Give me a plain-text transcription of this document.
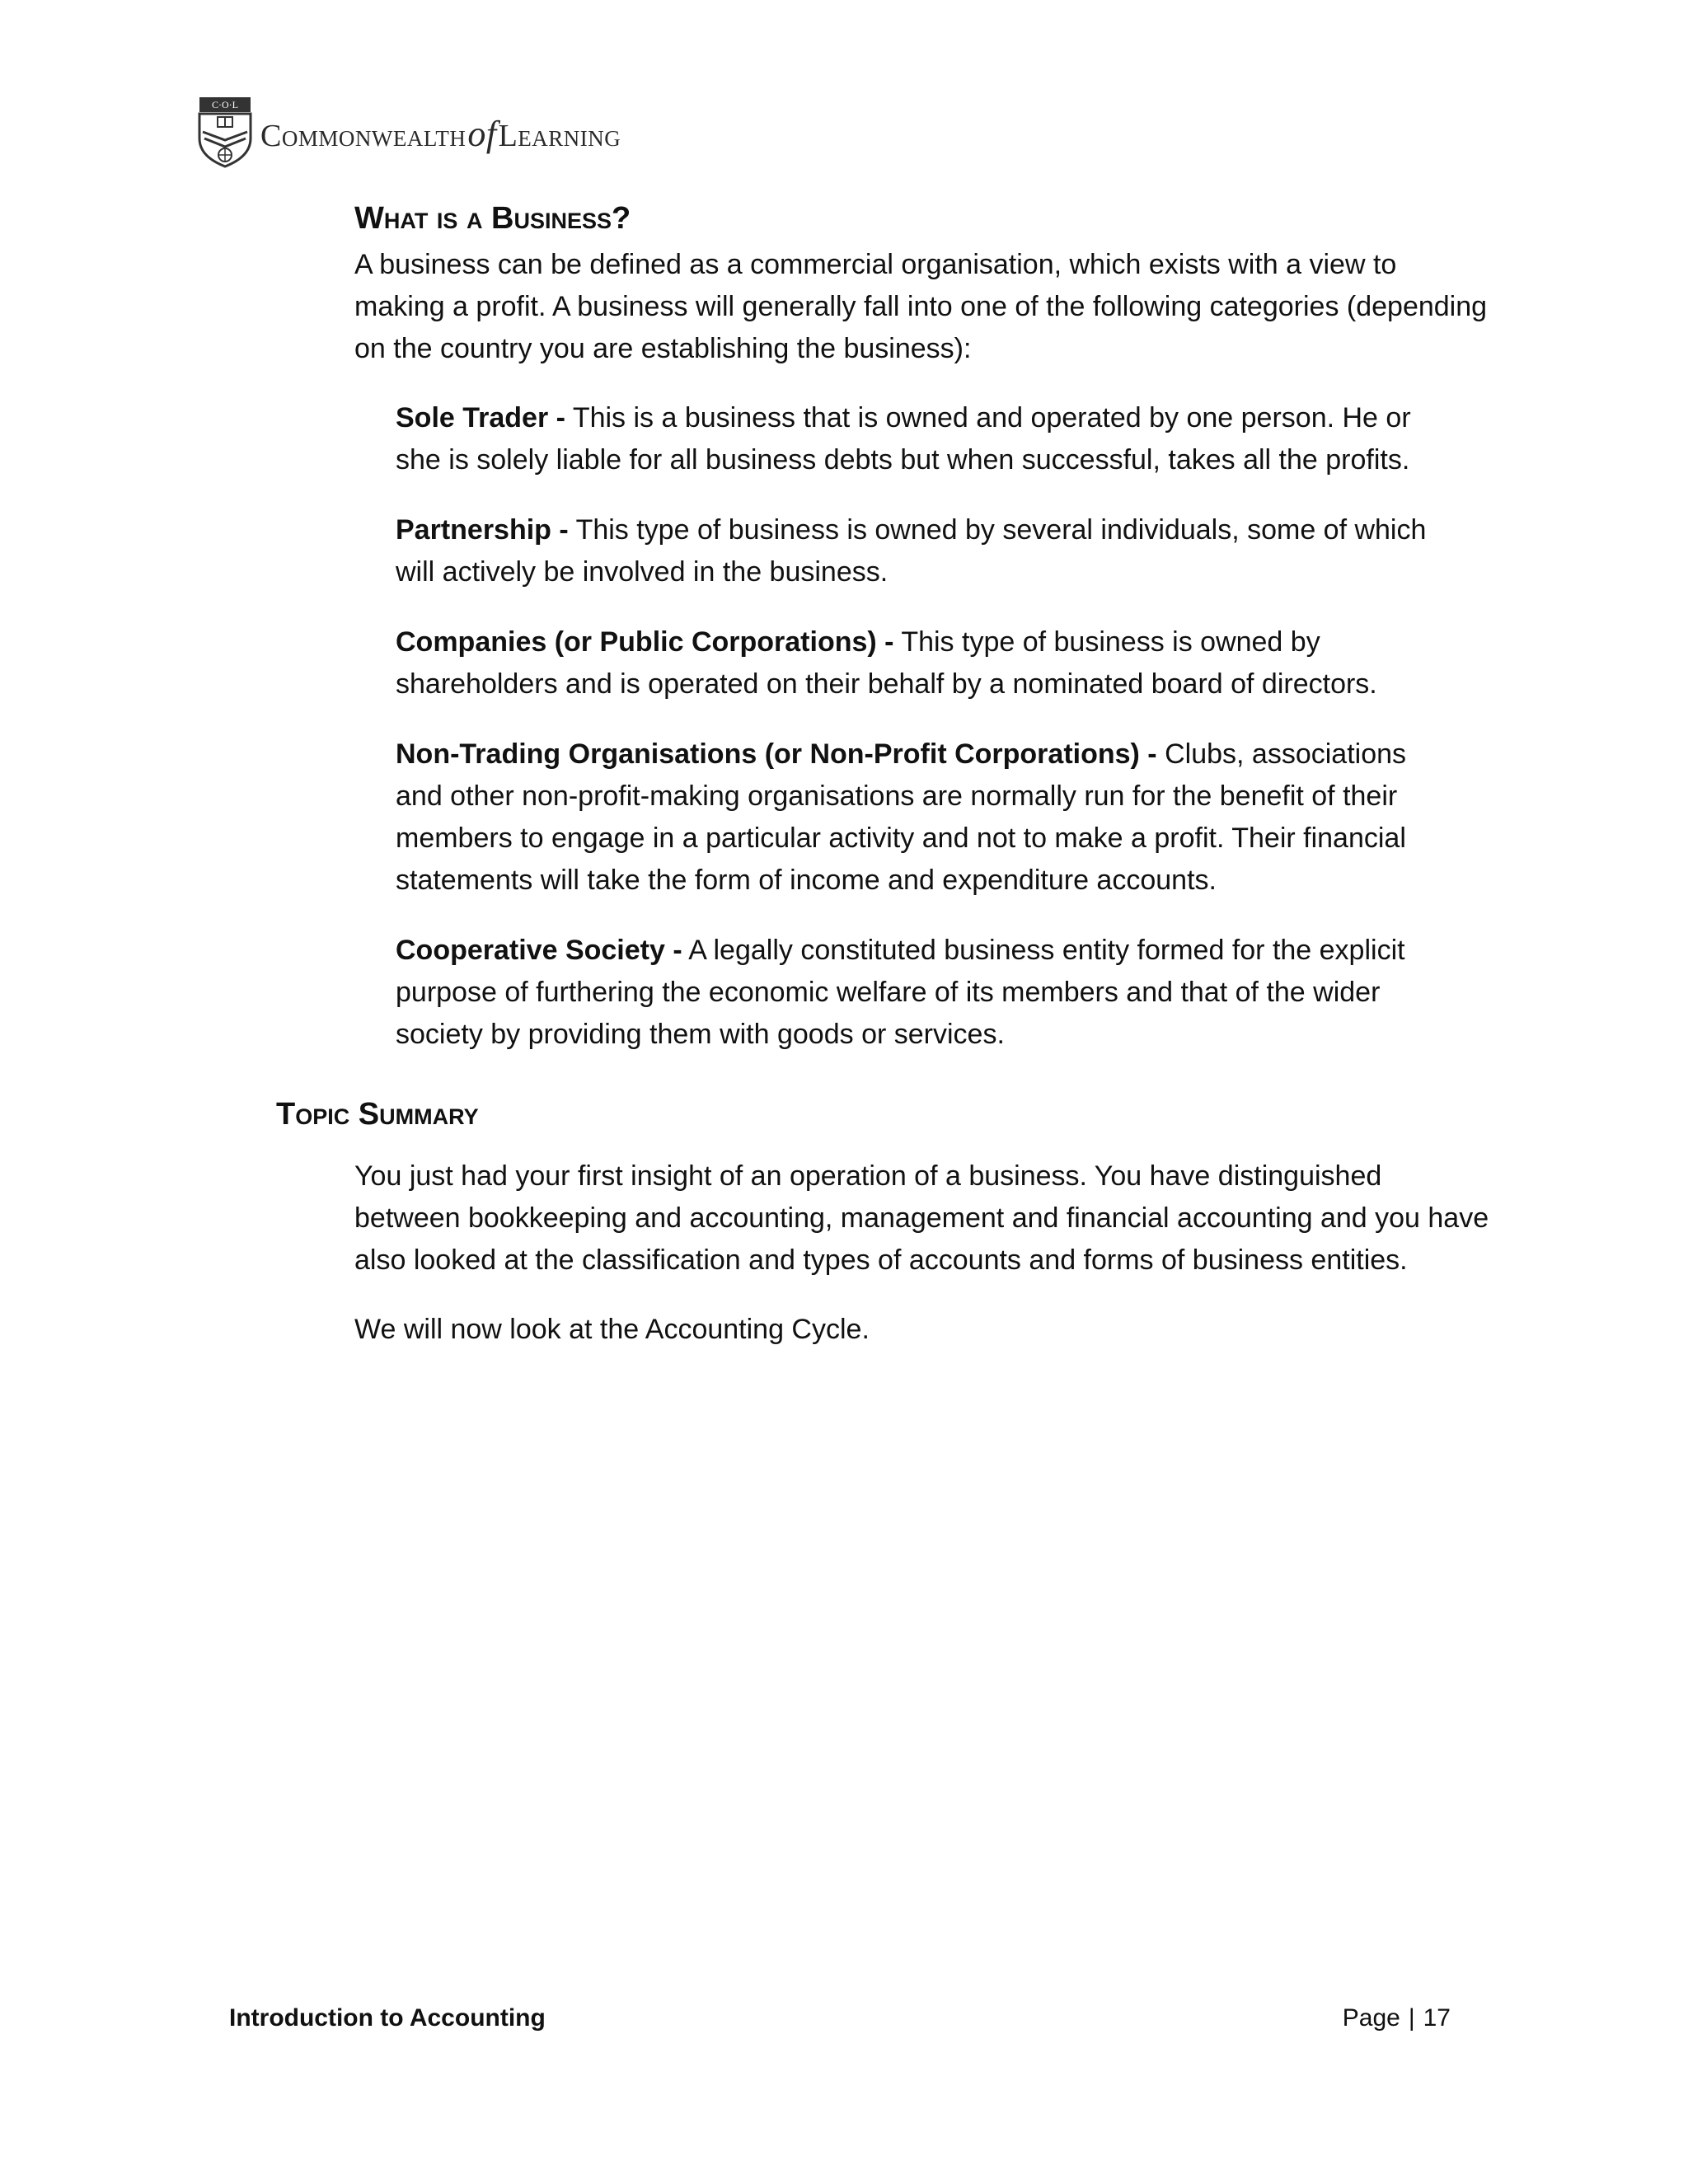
C·O·L
CommonwealthofLearning
What is a Business?
A business can be defined as a commercial organisation, which exists with a view to making a profit. A business will generally fall into one of the following categories (depending on the country you are establishing the business):
Sole Trader - This is a business that is owned and operated by one person. He or she is solely liable for all business debts but when successful, takes all the profits.
Partnership - This type of business is owned by several individuals, some of which will actively be involved in the business.
Companies (or Public Corporations) - This type of business is owned by shareholders and is operated on their behalf by a nominated board of directors.
Non-Trading Organisations (or Non-Profit Corporations) - Clubs, associations and other non-profit-making organisations are normally run for the benefit of their members to engage in a particular activity and not to make a profit. Their financial statements will take the form of income and expenditure accounts.
Cooperative Society - A legally constituted business entity formed for the explicit purpose of furthering the economic welfare of its members and that of the wider society by providing them with goods or services.
Topic Summary
You just had your first insight of an operation of a business. You have distinguished between bookkeeping and accounting, management and financial accounting and you have also looked at the classification and types of accounts and forms of business entities.
We will now look at the Accounting Cycle.
Introduction to Accounting	Page | 17
